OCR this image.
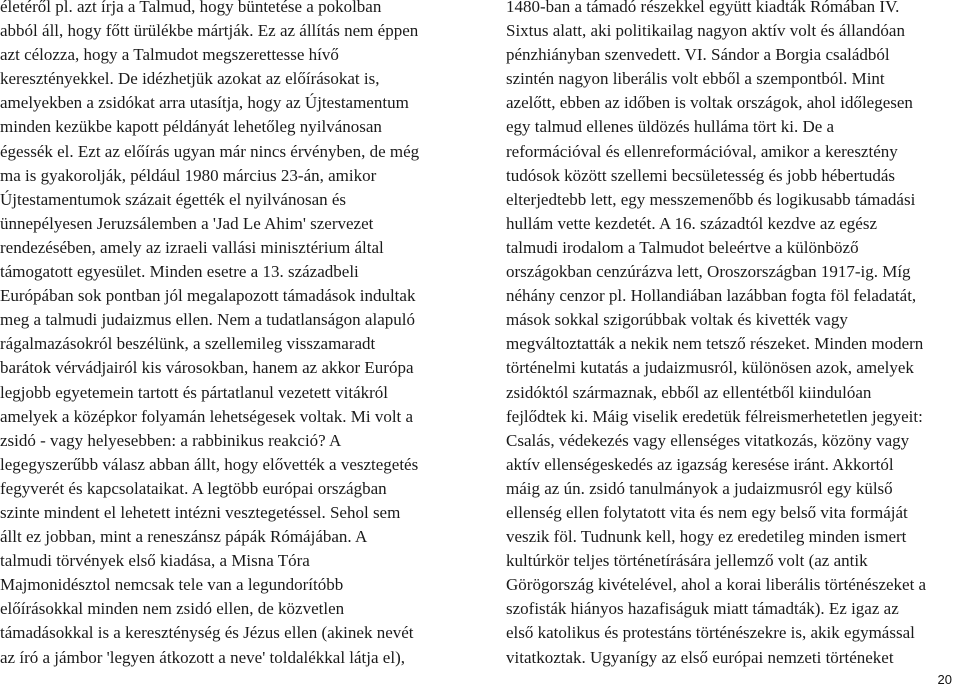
életéről pl. azt írja a Talmud, hogy büntetése a pokolban
abból áll, hogy főtt ürülékbe mártják. Ez az állítás nem éppen
azt célozza, hogy a Talmudot megszerettesse hívő
keresztényekkel. De idézhetjük azokat az előírásokat is,
amelyekben a zsidókat arra utasítja, hogy az Újtestamentum
minden kezükbe kapott példányát lehetőleg nyilvánosan
égessék el. Ezt az előírás ugyan már nincs érvényben, de még
ma is gyakorolják, például 1980 március 23-án, amikor
Újtestamentumok százait égették el nyilvánosan és
ünnepélyesen Jeruzsálemben a 'Jad Le Ahim' szervezet
rendezésében, amely az izraeli vallási minisztérium által
támogatott egyesület. Minden esetre a 13. századbeli
Európában sok pontban jól megalapozott támadások indultak
meg a talmudi judaizmus ellen. Nem a tudatlanságon alapuló
rágalmazásokról beszélünk, a szellemileg visszamaradt
barátok vérvádjairól kis városokban, hanem az akkor Európa
legjobb egyetemein tartott és pártatlanul vezetett vitákról
amelyek a középkor folyamán lehetségesek voltak. Mi volt a
zsidó - vagy helyesebben: a rabbinikus reakció? A
legegyszerűbb válasz abban állt, hogy elővették a vesztegetés
fegyverét és kapcsolataikat. A legtöbb európai országban
szinte mindent el lehetett intézni vesztegetéssel. Sehol sem
állt ez jobban, mint a reneszánsz pápák Rómájában. A
talmudi törvények első kiadása, a Misna Tóra
Majmonidésztol nemcsak tele van a legundorítóbb
előírásokkal minden nem zsidó ellen, de közvetlen
támadásokkal is a kereszténység és Jézus ellen (akinek nevét
az író a jámbor 'legyen átkozott a neve' toldalékkal látja el),
1480-ban a támadó részekkel együtt kiadták Rómában IV.
Sixtus alatt, aki politikailag nagyon aktív volt és állandóan
pénzhiányban szenvedett. VI. Sándor a Borgia családból
szintén nagyon liberális volt ebből a szempontból. Mint
azelőtt, ebben az időben is voltak országok, ahol időlegesen
egy talmud ellenes üldözés hulláma tört ki. De a
reformációval és ellenreformációval, amikor a keresztény
tudósok között szellemi becsületesség és jobb hébertudás
elterjedtebb lett, egy messzemenőbb és logikusabb támadási
hullám vette kezdetét. A 16. századtól kezdve az egész
talmudi irodalom a Talmudot beleértve a különböző
országokban cenzúrázva lett, Oroszországban 1917-ig. Míg
néhány cenzor pl. Hollandiában lazábban fogta föl feladatát,
mások sokkal szigorúbbak voltak és kivették vagy
megváltoztatták a nekik nem tetsző részeket. Minden modern
történelmi kutatás a judaizmusról, különösen azok, amelyek
zsidóktól származnak, ebből az ellentétből kiindulóan
fejlődtek ki. Máig viselik eredetük félreismerhetetlen jegyeit:
Csalás, védekezés vagy ellenséges vitatkozás, közöny vagy
aktív ellenségeskedés az igazság keresése iránt. Akkortól
máig az ún. zsidó tanulmányok a judaizmusról egy külső
ellenség ellen folytatott vita és nem egy belső vita formáját
veszik föl. Tudnunk kell, hogy ez eredetileg minden ismert
kultúrkör teljes történetírására jellemző volt (az antik
Görögország kivételével, ahol a korai liberális történészeket a
szofisták hiányos hazafiságuk miatt támadták). Ez igaz az
első katolikus és protestáns történészekre is, akik egymással
vitatkoztak. Ugyanígy az első európai nemzeti történeket
20
